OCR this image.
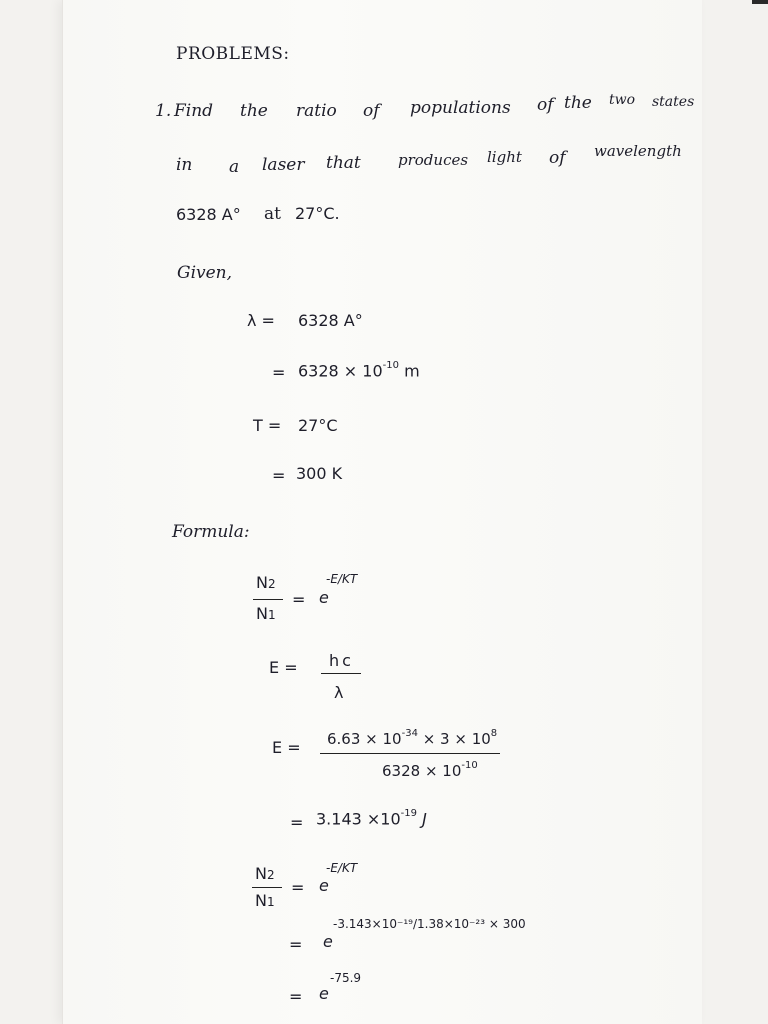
PROBLEMS:
1. Find the ratio of populations of the two states
in a laser that produces light of wavelength
6328 A° at 27°C.
Given,
λ = 6328 A°
= $6328 \times 10^{-10}$ m
T = 27°C
= 300 K
Formula:
N2
N1
= e
-E/KT
E = hc
λ
$E = 6.63 \times 10^{-34} \times 3 \times 10^8$
$6328 \times 10^{-10}$
= $3.143 \times 10^{-19}$ J
N2
N1
= e
-E/KT
= e
-3.143×10⁻¹⁹/1.38×10⁻²³ × 300
= e
-75.9
